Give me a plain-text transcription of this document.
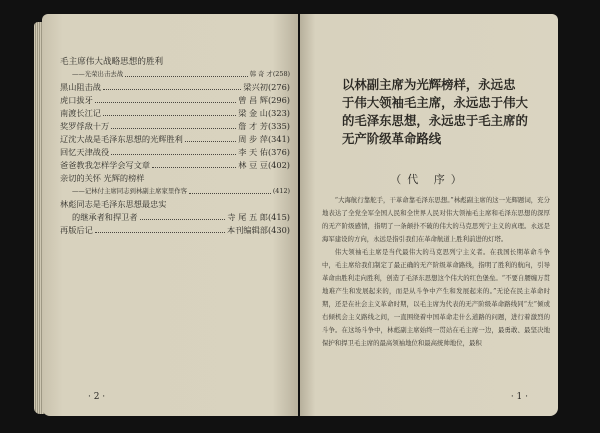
毛主席伟大战略思想的胜利
——光荣出击去战	韩 奇 才(258)
黑山阻击战	梁兴初(276)
虎口拔牙	曾 昌 辉(296)
南渡长江记	梁 金 山(323)
奖罗俘敌十万	詹 才 芳(335)
辽沈大战是毛泽东思想的光辉胜利	周 步 萍(341)
回忆天津战役	李 天 佑(376)
爸爸教我怎样学会写文章	林 豆 豆(402)
亲切的关怀 光辉的榜样
——记林付主席同志到林副主席家里作客	(412)
林彪同志是毛泽东思想最忠实
的继承者和捍卫者	寺 尾 五 郎(415)
再版后记	本刊编辑部(430)
· 2 ·
以林副主席为光辉榜样，永远忠
于伟大领袖毛主席，永远忠于伟大
的毛泽东思想，永远忠于毛主席的
无产阶级革命路线
（代 序）

“大海航行靠舵手，干革命靠毛泽东思想。”林彪副主席的这一光辉题词，充分地表达了全党全军全国人民和全世界人民对伟大领袖毛主席和毛泽东思想的深厚的无产阶级感情，指明了一条颠扑不破的伟大的马克思列宁主义的真理。永远是海军建设的方向，永远是指引我们在革命航道上胜利前进的灯塔。

伟大领袖毛主席是当代最伟大的马克思列宁主义者。在我国长期革命斗争中，毛主席给我们制定了最正确的无产阶级革命路线，指明了胜利的航向，引导革命由胜利走向胜利，创造了毛泽东思想这个伟大的红色堡垒。“不要自腰缠万贯地难产生和发展起来的，而是从斗争中产生和发展起来的。”无论在民主革命时期，还是在社会主义革命时期，以毛主席为代表的无产阶级革命路线同“左”倾或右倾机会主义路线之间，一直围绕着中国革命走什么道路的问题，进行着激烈的斗争。在这场斗争中，林彪副主席始终一贯站在毛主席一边，最勇敢、最坚决地保护和捍卫毛主席的最高领袖地位和最高统帅地位，最积

· 1 ·
